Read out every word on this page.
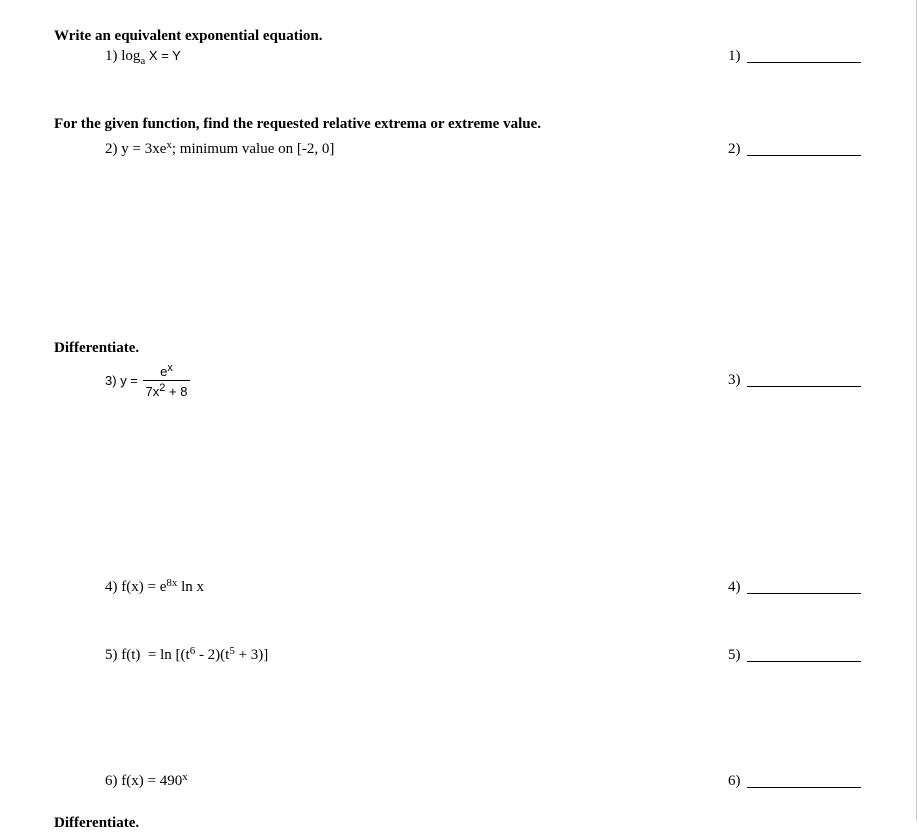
Write an equivalent exponential equation.
1) $\log_a X = Y$	1)
For the given function, find the requested relative extrema or extreme value.
2) $y = 3xe^x$; minimum value on [-2, 0]	2)
Differentiate.
3) $y = \frac{e^x}{7x^2 + 8}$	3)
4) $f(x) = e^{8x}$ ln x	4)
5) $f(t) = \ln [(t^6 - 2)(t^5 + 3)]$	5)
6) $f(x) = 490^x$	6)
Differentiate.
